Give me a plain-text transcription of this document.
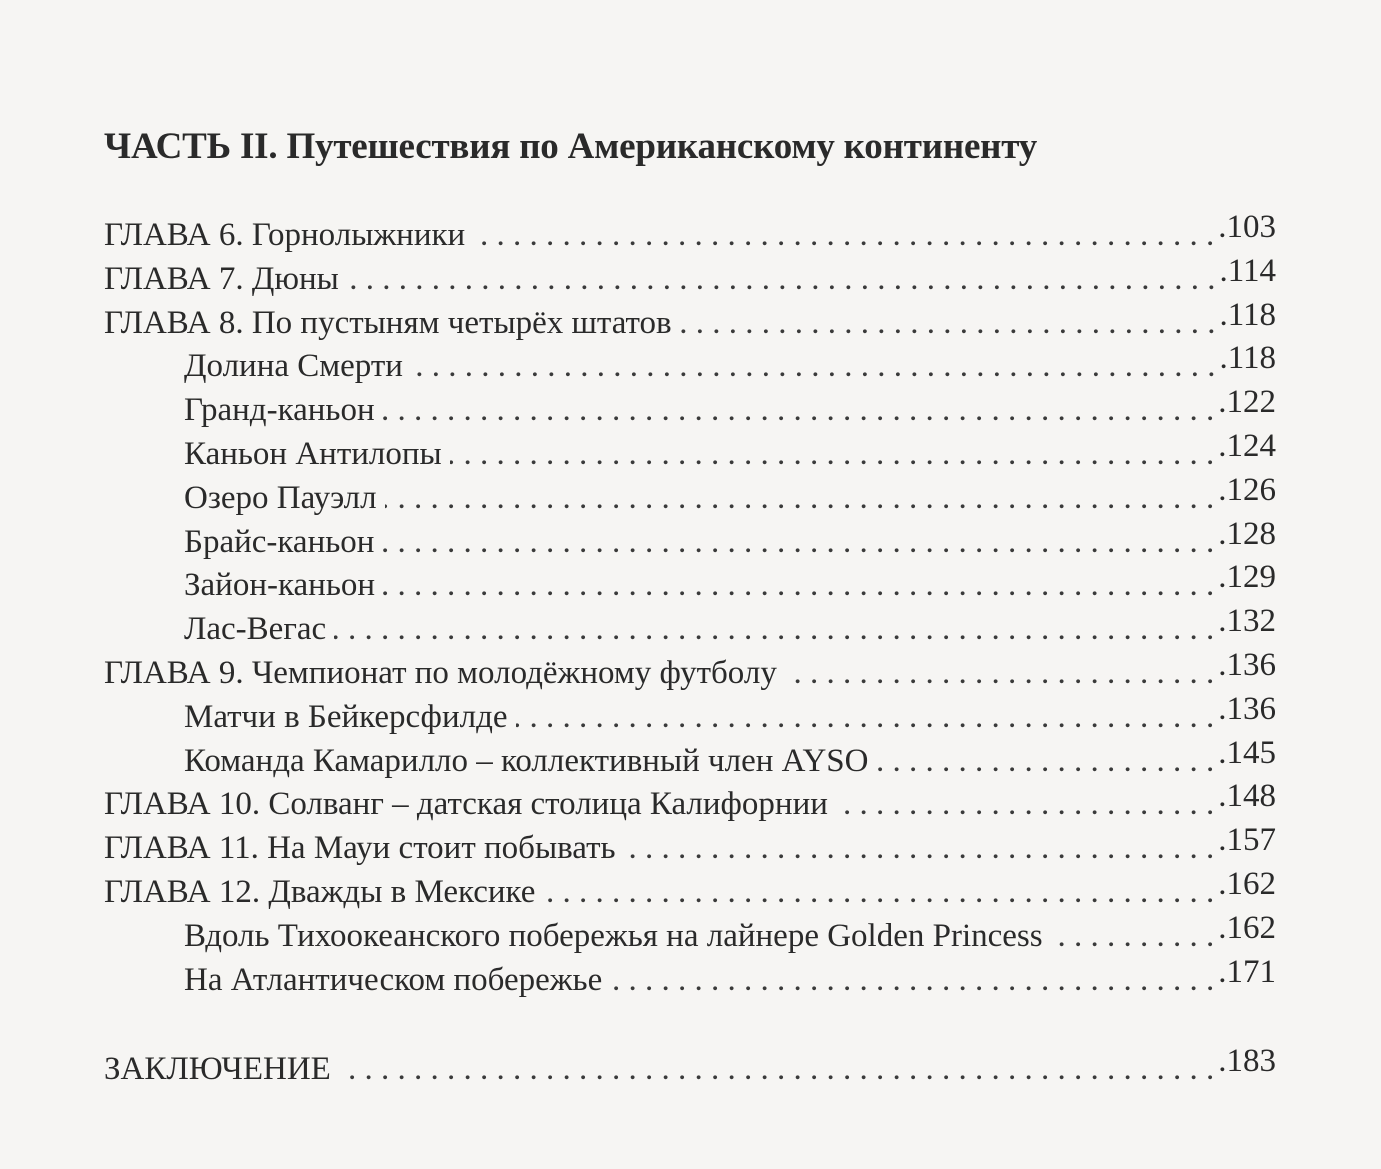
ЧАСТЬ II. Путешествия по Американскому континенту
ГЛАВА 6. Горнолыжники . . .	.103
ГЛАВА 7. Дюны . . .	.114
ГЛАВА 8. По пустыням четырёх штатов . . .	.118
Долина Смерти . . .	.118
Гранд-каньон . . .	.122
Каньон Антилопы . . .	.124
Озеро Пауэлл . . .	.126
Брайс-каньон . . .	.128
Зайон-каньон . . .	.129
Лас-Вегас . . .	.132
ГЛАВА 9. Чемпионат по молодёжному футболу . . .	.136
Матчи в Бейкерсфилде . . .	.136
Команда Камарилло – коллективный член AYSO . . .	.145
ГЛАВА 10. Солванг – датская столица Калифорнии . . .	.148
ГЛАВА 11. На Мауи стоит побывать . . .	.157
ГЛАВА 12. Дважды в Мексике . . .	.162
Вдоль Тихоокеанского побережья на лайнере Golden Princess . . .	.162
На Атлантическом побережье . . .	.171
ЗАКЛЮЧЕНИЕ . . .	.183
